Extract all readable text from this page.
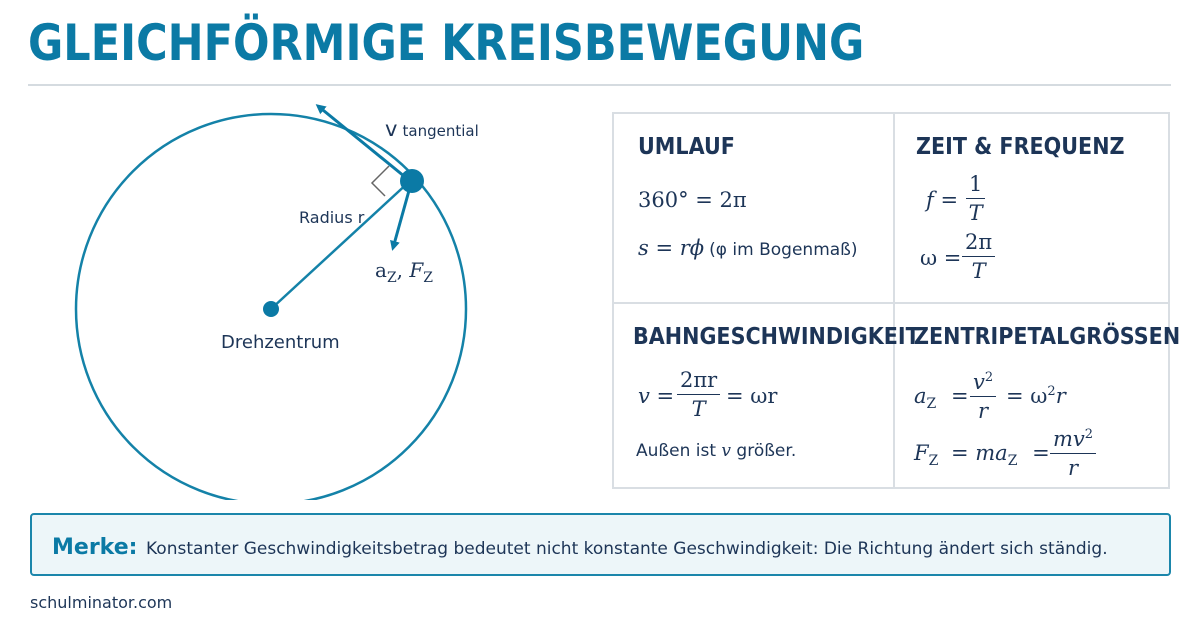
GLEICHFÖRMIGE KREISBEWEGUNG
v tangential
Radius r
$a_Z$, $F_Z$
Drehzentrum
UMLAUF
360° = 2π
s = rϕ (φ im Bogenmaß)
ZEIT & FREQUENZ
$f = \frac{1}{T}$
$\omega = \frac{2\pi}{T}$
BAHNGESCHWINDIGKEIT
$v = \frac{2\pi r}{T} = \omega r$
Außen ist v größer.
ZENTRIPETALGRÖSSEN
$a_Z = \frac{v^2}{r} = \omega^2r$
$F_Z = ma_Z = \frac{mv^2}{r}$
Merke: Konstanter Geschwindigkeitsbetrag bedeutet nicht konstante Geschwindigkeit: Die Richtung ändert sich ständig.
schulminator.com
